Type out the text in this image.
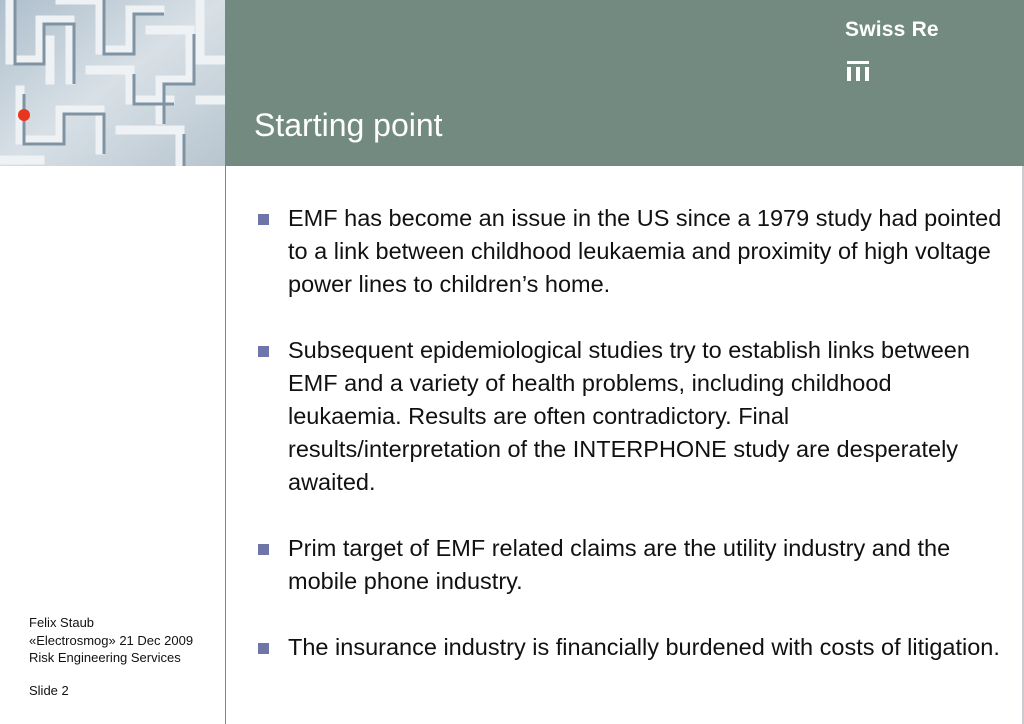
Swiss Re
Starting point
EMF has become an issue in the US since a 1979 study had pointed to a link between childhood leukaemia and proximity of high voltage power lines to children’s home.
Subsequent epidemiological studies try to establish links between EMF and a variety of health problems, including childhood leukaemia. Results are often contradictory. Final results/interpretation of the INTERPHONE study are desperately awaited.
Prim target of EMF related claims are the utility industry and the mobile phone industry.
The insurance industry is financially burdened with costs of litigation.
Felix Staub
«Electrosmog» 21 Dec 2009
Risk Engineering Services
Slide 2
